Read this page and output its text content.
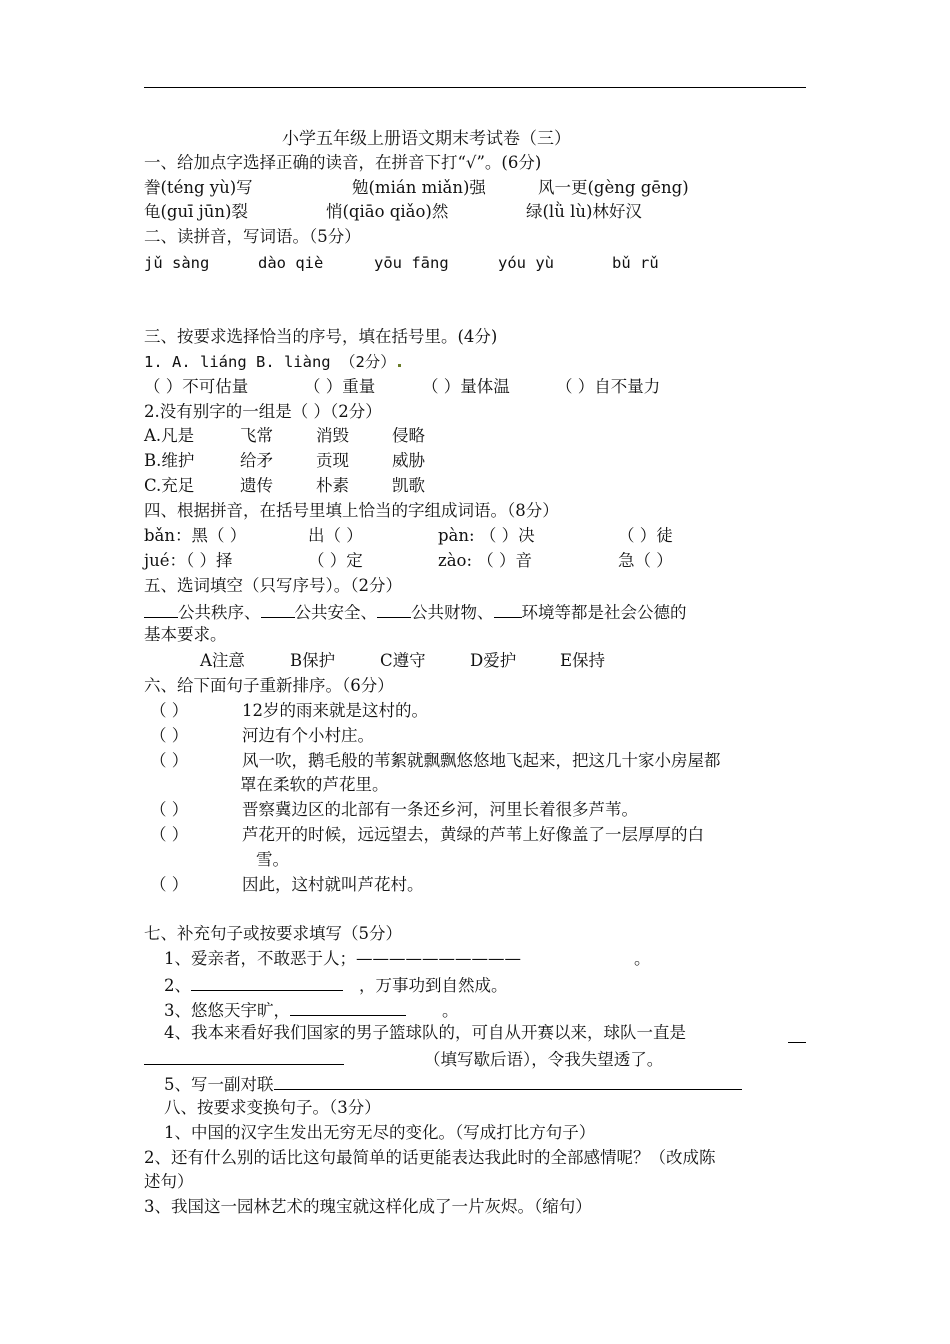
小学五年级上册语文期末考试卷（三）
一、给加点字选择正确的读音，在拼音下打“√”。(6分)
誊(téng yù)写	勉(mián miǎn)强	风一更(gèng gēng)
龟(guī jūn)裂	悄(qiāo qiǎo)然	绿(lǜ lù)林好汉
二、读拼音，写词语。（5分）
jǔ sàng	dào qiè	yōu fāng	yóu yù	bǔ rǔ
三、按要求选择恰当的序号，填在括号里。(4分)
1. A. liáng B. liàng （2分）
（ ）不可估量	（ ）重量	（ ）量体温	（ ）自不量力
2.没有别字的一组是（ ）（2分）
A.凡是	飞常	消毁	侵略
B.维护	给矛	贡现	威胁
C.充足	遗传	朴素	凯歌
四、根据拼音，在括号里填上恰当的字组成词语。（8分）
bǎn：黑（ ）	出（ ）	pàn: （ ）决	（ ）徒
jué：（ ）择	（ ）定	zào: （ ）音	急（ ）
五、选词填空（只写序号）。（2分）
公共秩序、 公共安全、 公共财物、 环境等都是社会公德的
基本要求。
A注意	B保护	C遵守	D爱护	E保持
六、给下面句子重新排序。（6分）
（ ）	12岁的雨来就是这村的。
（ ）	河边有个小村庄。
（ ）	风一吹，鹅毛般的苇絮就飘飘悠悠地飞起来，把这几十家小房屋都
罩在柔软的芦花里。
（ ）	晋察冀边区的北部有一条还乡河，河里长着很多芦苇。
（ ）	芦花开的时候，远远望去，黄绿的芦苇上好像盖了一层厚厚的白
雪。
（ ）	因此，这村就叫芦花村。
七、补充句子或按要求填写（5分）
1、爱亲者，不敢恶于人；——————————	。
2、	，万事功到自然成。
3、悠悠天宇旷，	。
4、我本来看好我们国家的男子篮球队的，可自从开赛以来，球队一直是
（填写歇后语），令我失望透了。
5、写一副对联
八、按要求变换句子。（3分）
1、中国的汉字生发出无穷无尽的变化。（写成打比方句子）
2、还有什么别的话比这句最简单的话更能表达我此时的全部感情呢？（改成陈
述句）
3、我国这一园林艺术的瑰宝就这样化成了一片灰烬。（缩句）
